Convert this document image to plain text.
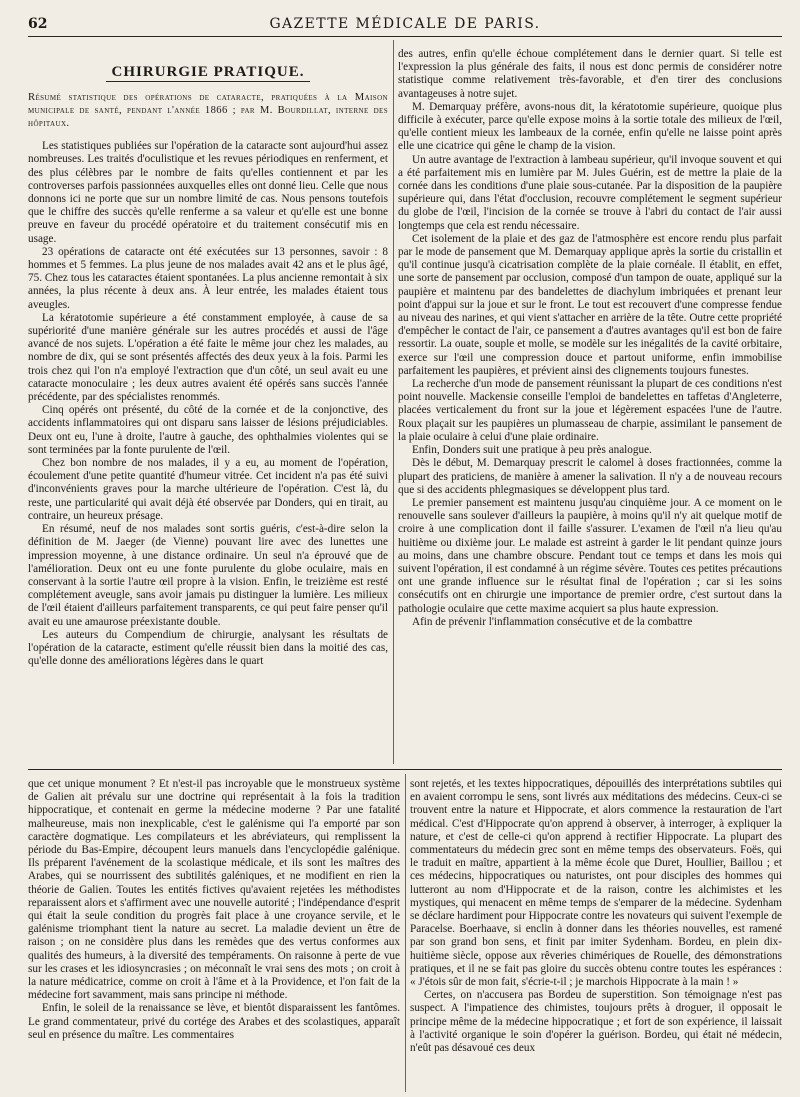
62	GAZETTE MÉDICALE DE PARIS.
CHIRURGIE PRATIQUE.

Résumé statistique des opérations de cataracte, pratiquées à la Maison municipale de santé, pendant l'année 1866 ; par M. Bourdillat, interne des hôpitaux.

Les statistiques publiées sur l'opération de la cataracte sont aujourd'hui assez nombreuses. Les traités d'oculistique et les revues périodiques en renferment, et des plus célèbres par le nombre de faits qu'elles contiennent et par les controverses parfois passionnées auxquelles elles ont donné lieu. Celle que nous donnons ici ne porte que sur un nombre limité de cas. Nous pensons toutefois que le chiffre des succès qu'elle renferme a sa valeur et qu'elle est une bonne preuve en faveur du procédé opératoire et du traitement consécutif mis en usage.

23 opérations de cataracte ont été exécutées sur 13 personnes, savoir : 8 hommes et 5 femmes. La plus jeune de nos malades avait 42 ans et le plus âgé, 75. Chez tous les cataractes étaient spontanées. La plus ancienne remontait à six années, la plus récente à deux ans. À leur entrée, les malades étaient tous aveugles.

La kératotomie supérieure a été constamment employée, à cause de sa supériorité d'une manière générale sur les autres procédés et aussi de l'âge avancé de nos sujets. L'opération a été faite le même jour chez les malades, au nombre de dix, qui se sont présentés affectés des deux yeux à la fois. Parmi les trois chez qui l'on n'a employé l'extraction que d'un côté, un seul avait eu une cataracte monoculaire ; les deux autres avaient été opérés sans succès l'année précédente, par des spécialistes renommés.

Cinq opérés ont présenté, du côté de la cornée et de la conjonctive, des accidents inflammatoires qui ont disparu sans laisser de lésions préjudiciables. Deux ont eu, l'une à droite, l'autre à gauche, des ophthalmies violentes qui se sont terminées par la fonte purulente de l'œil.

Chez bon nombre de nos malades, il y a eu, au moment de l'opération, écoulement d'une petite quantité d'humeur vitrée. Cet incident n'a pas été suivi d'inconvénients graves pour la marche ultérieure de l'opération. C'est là, du reste, une particularité qui avait déjà été observée par Donders, qui en tirait, au contraire, un heureux présage.

En résumé, neuf de nos malades sont sortis guéris, c'est-à-dire selon la définition de M. Jaeger (de Vienne) pouvant lire avec des lunettes une impression moyenne, à une distance ordinaire. Un seul n'a éprouvé que de l'amélioration. Deux ont eu une fonte purulente du globe oculaire, mais en conservant à la sortie l'autre œil propre à la vision. Enfin, le treizième est resté complétement aveugle, sans avoir jamais pu distinguer la lumière. Les milieux de l'œil étaient d'ailleurs parfaitement transparents, ce qui peut faire penser qu'il avait eu une amaurose préexistante double.

Les auteurs du Compendium de chirurgie, analysant les résultats de l'opération de la cataracte, estiment qu'elle réussit bien dans la moitié des cas, qu'elle donne des améliorations légères dans le quart

des autres, enfin qu'elle échoue complétement dans le dernier quart. Si telle est l'expression la plus générale des faits, il nous est donc permis de considérer notre statistique comme relativement très-favorable, et d'en tirer des conclusions avantageuses à notre sujet.

M. Demarquay préfère, avons-nous dit, la kératotomie supérieure, quoique plus difficile à exécuter, parce qu'elle expose moins à la sortie totale des milieux de l'œil, qu'elle contient mieux les lambeaux de la cornée, enfin qu'elle ne laisse point après elle une cicatrice qui gêne le champ de la vision.

Un autre avantage de l'extraction à lambeau supérieur, qu'il invoque souvent et qui a été parfaitement mis en lumière par M. Jules Guérin, est de mettre la plaie de la cornée dans les conditions d'une plaie sous-cutanée. Par la disposition de la paupière supérieure qui, dans l'état d'occlusion, recouvre complétement le segment supérieur du globe de l'œil, l'incision de la cornée se trouve à l'abri du contact de l'air aussi longtemps que cela est rendu nécessaire.

Cet isolement de la plaie et des gaz de l'atmosphère est encore rendu plus parfait par le mode de pansement que M. Demarquay applique après la sortie du cristallin et qu'il continue jusqu'à cicatrisation complète de la plaie cornéale. Il établit, en effet, une sorte de pansement par occlusion, composé d'un tampon de ouate, appliqué sur la paupière et maintenu par des bandelettes de diachylum imbriquées et prenant leur point d'appui sur la joue et sur le front. Le tout est recouvert d'une compresse fendue au niveau des narines, et qui vient s'attacher en arrière de la tête. Outre cette propriété d'empêcher le contact de l'air, ce pansement a d'autres avantages qu'il est bon de faire ressortir. La ouate, souple et molle, se modèle sur les inégalités de la cavité orbitaire, exerce sur l'œil une compression douce et partout uniforme, enfin immobilise parfaitement les paupières, et prévient ainsi des clignements toujours funestes.

La recherche d'un mode de pansement réunissant la plupart de ces conditions n'est point nouvelle. Mackensie conseille l'emploi de bandelettes en taffetas d'Angleterre, placées verticalement du front sur la joue et légèrement espacées l'une de l'autre. Roux plaçait sur les paupières un plumasseau de charpie, assimilant le pansement de la plaie oculaire à celui d'une plaie ordinaire.

Enfin, Donders suit une pratique à peu près analogue.

Dès le début, M. Demarquay prescrit le calomel à doses fractionnées, comme la plupart des praticiens, de manière à amener la salivation. Il n'y a de nouveau recours que si des accidents phlegmasiques se développent plus tard.

Le premier pansement est maintenu jusqu'au cinquième jour. A ce moment on le renouvelle sans soulever d'ailleurs la paupière, à moins qu'il n'y ait quelque motif de croire à une complication dont il faille s'assurer. L'examen de l'œil n'a lieu qu'au huitième ou dixième jour. Le malade est astreint à garder le lit pendant quinze jours au moins, dans une chambre obscure. Pendant tout ce temps et dans les mois qui suivent l'opération, il est condamné à un régime sévère. Toutes ces petites précautions ont une grande influence sur le résultat final de l'opération ; car si les soins consécutifs ont en chirurgie une importance de premier ordre, c'est surtout dans la pathologie oculaire que cette maxime acquiert sa plus haute expression.

Afin de prévenir l'inflammation consécutive et de la combattre

que cet unique monument ? Et n'est-il pas incroyable que le monstrueux système de Galien ait prévalu sur une doctrine qui représentait à la fois la tradition hippocratique, et contenait en germe la médecine moderne ? Par une fatalité malheureuse, mais non inexplicable, c'est le galénisme qui l'a emporté par son caractère dogmatique. Les compilateurs et les abréviateurs, qui remplissent la période du Bas-Empire, découpent leurs manuels dans l'encyclopédie galénique. Ils préparent l'avénement de la scolastique médicale, et ils sont les maîtres des Arabes, qui se nourrissent des subtilités galéniques, et ne modifient en rien la théorie de Galien. Toutes les entités fictives qu'avaient rejetées les méthodistes reparaissent alors et s'affirment avec une nouvelle autorité ; l'indépendance d'esprit qui était la seule condition du progrès fait place à une croyance servile, et le galénisme triomphant tient la nature au secret. La maladie devient un être de raison ; on ne considère plus dans les remèdes que des vertus conformes aux qualités des humeurs, à la diversité des tempéraments. On raisonne à perte de vue sur les crases et les idiosyncrasies ; on méconnaît le vrai sens des mots ; on croit à la nature médicatrice, comme on croit à l'âme et à la Providence, et l'on fait de la médecine fort savamment, mais sans principe ni méthode.

Enfin, le soleil de la renaissance se lève, et bientôt disparaissent les fantômes. Le grand commentateur, privé du cortége des Arabes et des scolastiques, apparaît seul en présence du maître. Les commentaires

sont rejetés, et les textes hippocratiques, dépouillés des interprétations subtiles qui en avaient corrompu le sens, sont livrés aux méditations des médecins. Ceux-ci se trouvent entre la nature et Hippocrate, et alors commence la restauration de l'art médical. C'est d'Hippocrate qu'on apprend à observer, à interroger, à expliquer la nature, et c'est de celle-ci qu'on apprend à rectifier Hippocrate. La plupart des commentateurs du médecin grec sont en même temps des observateurs. Foës, qui le traduit en maître, appartient à la même école que Duret, Houllier, Baillou ; et ces médecins, hippocratiques ou naturistes, ont pour disciples des hommes qui lutteront au nom d'Hippocrate et de la raison, contre les alchimistes et les mystiques, qui menacent en même temps de s'emparer de la médecine. Sydenham se déclare hardiment pour Hippocrate contre les novateurs qui suivent l'exemple de Paracelse. Boerhaave, si enclin à donner dans les théories nouvelles, est ramené par son grand bon sens, et finit par imiter Sydenham. Bordeu, en plein dix-huitième siècle, oppose aux rêveries chimériques de Rouelle, des démonstrations pratiques, et il ne se fait pas gloire du succès obtenu contre toutes les espérances : « J'étois sûr de mon fait, s'écrie-t-il ; je marchois Hippocrate à la main ! »

Certes, on n'accusera pas Bordeu de superstition. Son témoignage n'est pas suspect. A l'impatience des chimistes, toujours prêts à droguer, il opposait le principe même de la médecine hippocratique ; et fort de son expérience, il laissait à l'activité organique le soin d'opérer la guérison. Bordeu, qui était né médecin, n'eût pas désavoué ces deux
